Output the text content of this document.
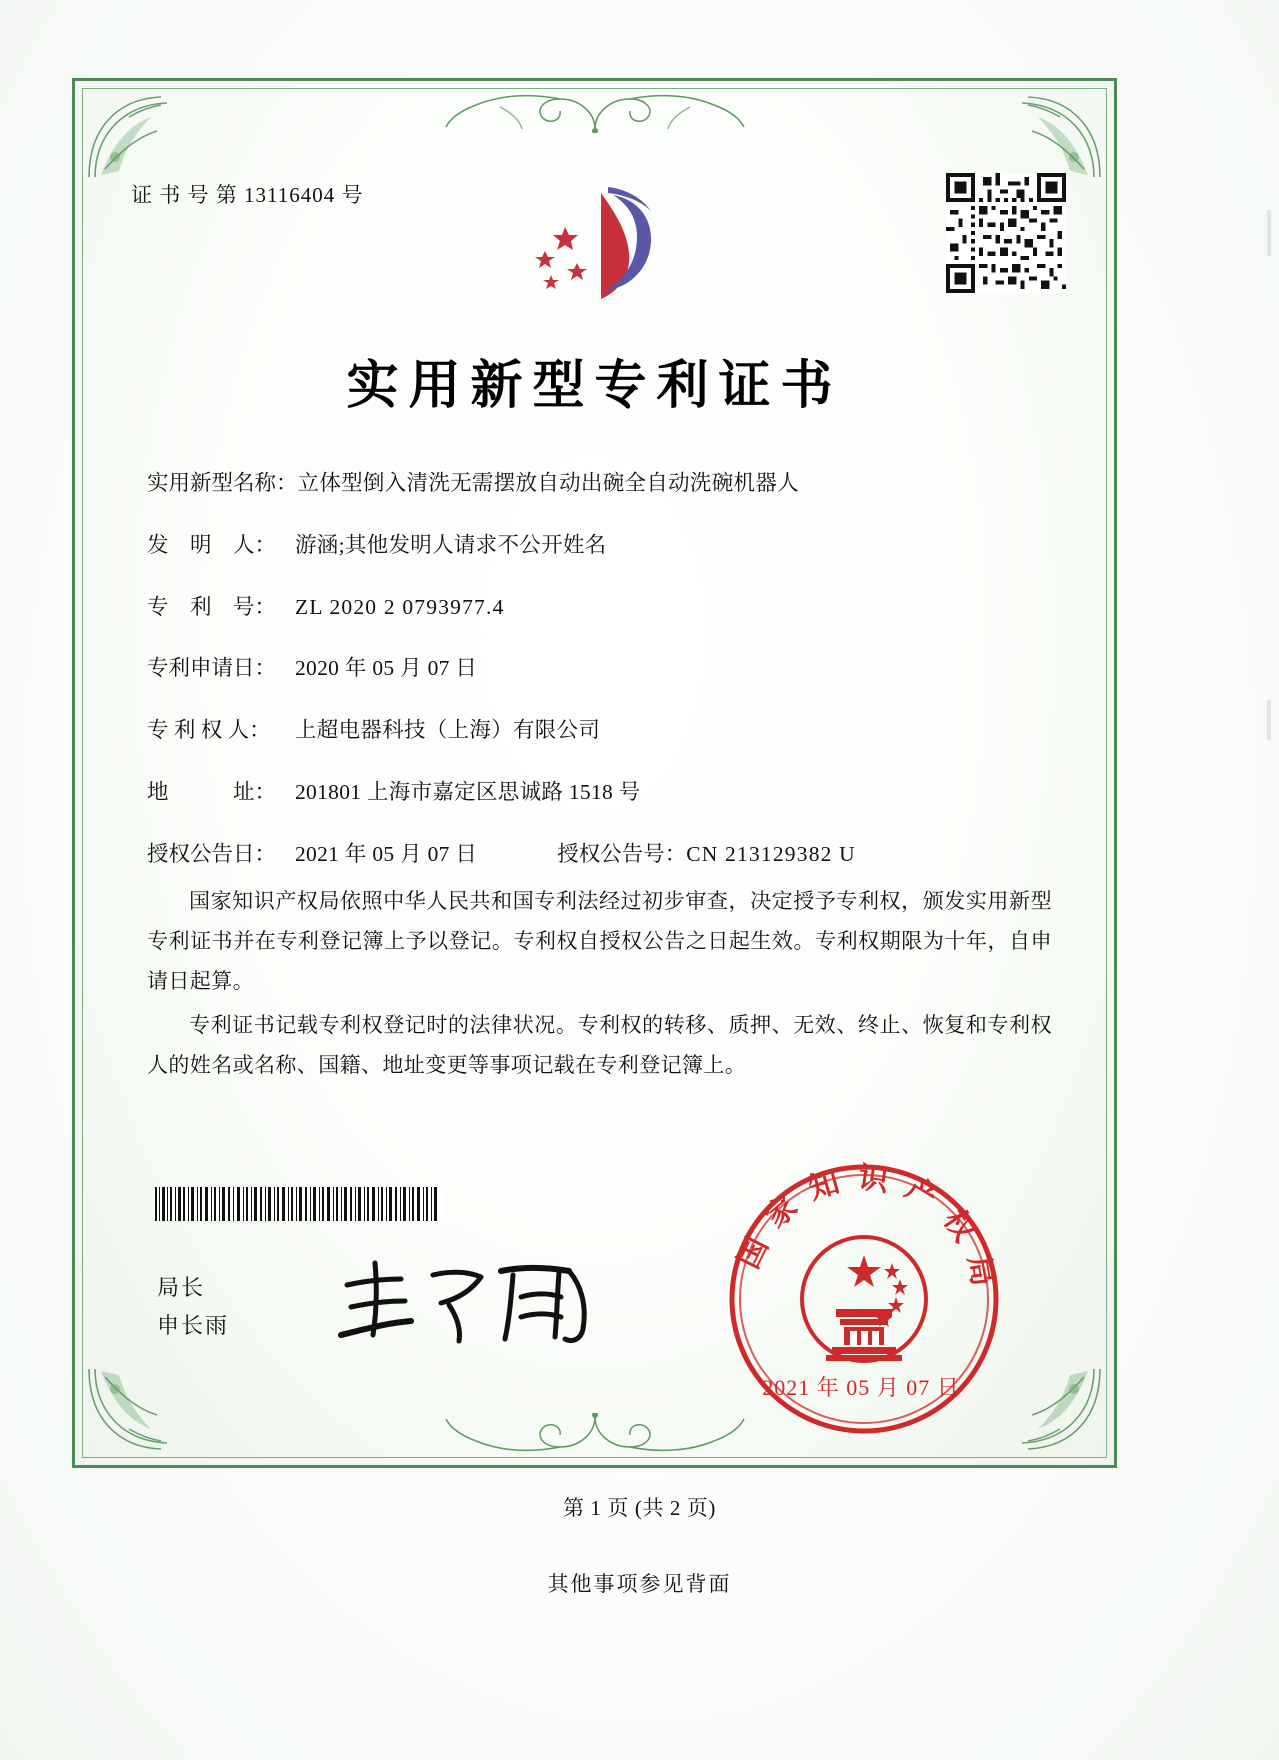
证 书 号 第 13116404 号
实用新型专利证书
实用新型名称： 立体型倒入清洗无需摆放自动出碗全自动洗碗机器人
发　明　人： 游涵;其他发明人请求不公开姓名
专　利　号： ZL 2020 2 0793977.4
专利申请日： 2020 年 05 月 07 日
专 利 权 人：	上超电器科技（上海）有限公司
地　　　址： 201801 上海市嘉定区思诚路 1518 号
授权公告日： 2021 年 05 月 07 日	授权公告号： CN 213129382 U

国家知识产权局依照中华人民共和国专利法经过初步审查，决定授予专利权，颁发实用新型专利证书并在专利登记簿上予以登记。专利权自授权公告之日起生效。专利权期限为十年，自申请日起算。

专利证书记载专利权登记时的法律状况。专利权的转移、质押、无效、终止、恢复和专利权人的姓名或名称、国籍、地址变更等事项记载在专利登记簿上。

局长
申长雨
国家知识产权局
2021 年 05 月 07 日
第 1 页 (共 2 页)
其他事项参见背面
